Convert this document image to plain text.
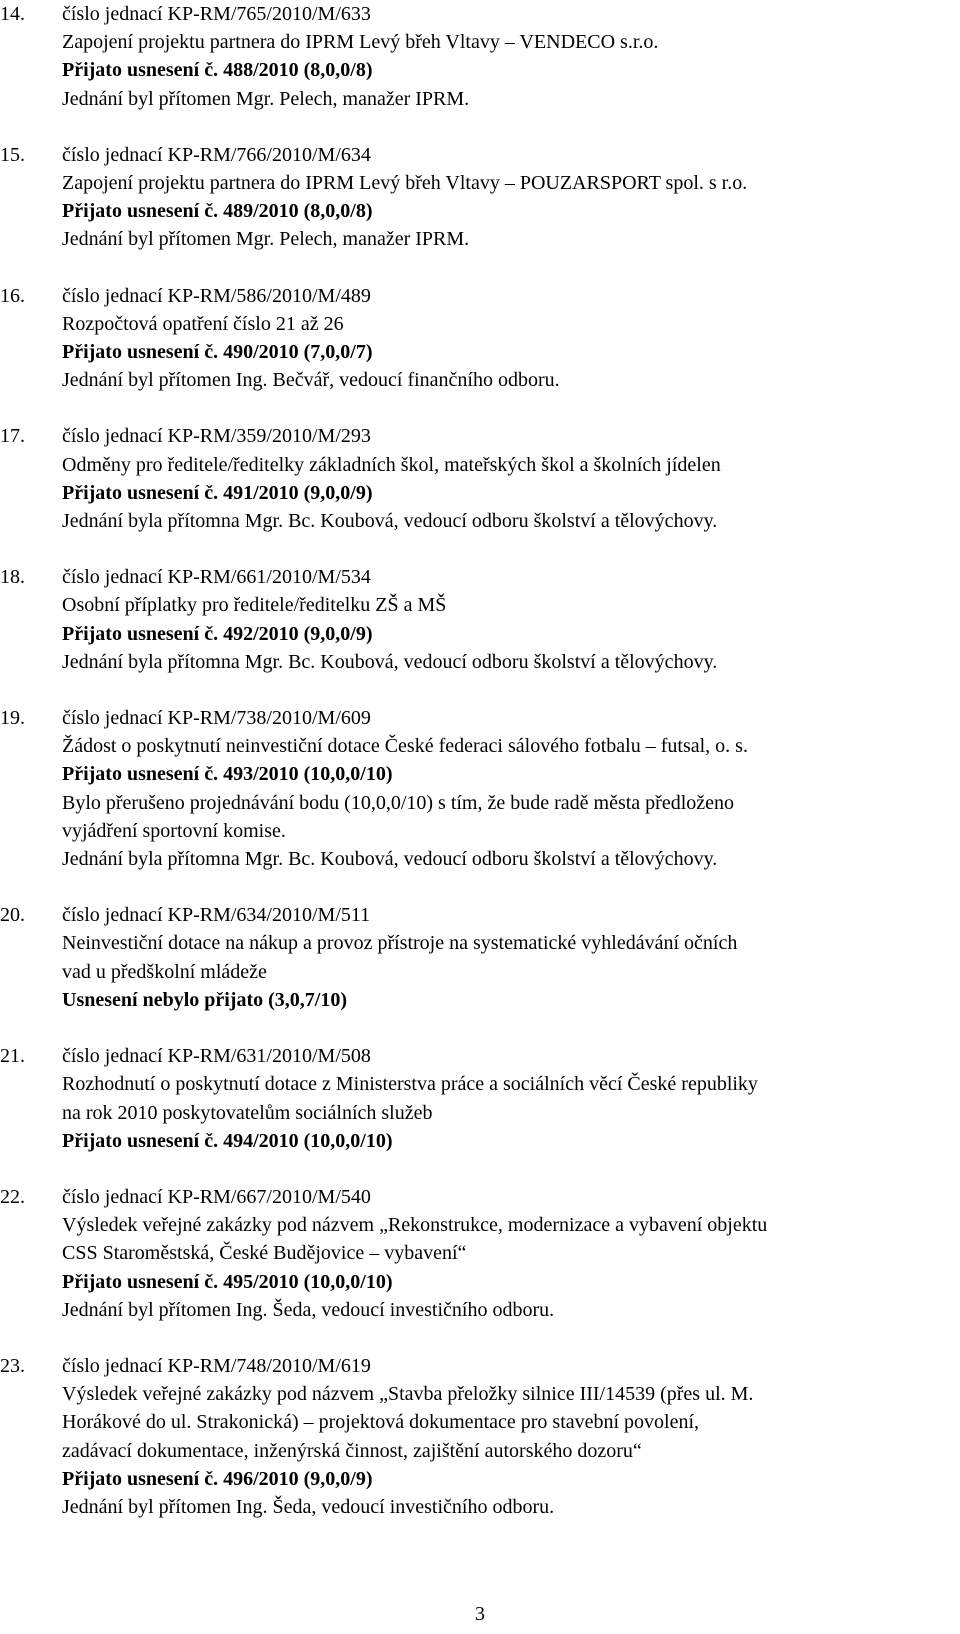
14. číslo jednací KP-RM/765/2010/M/633
Zapojení projektu partnera do IPRM Levý břeh Vltavy – VENDECO s.r.o.
Přijato usnesení č. 488/2010 (8,0,0/8)
Jednání byl přítomen Mgr. Pelech, manažer IPRM.
15. číslo jednací KP-RM/766/2010/M/634
Zapojení projektu partnera do IPRM Levý břeh Vltavy – POUZARSPORT spol. s r.o.
Přijato usnesení č. 489/2010 (8,0,0/8)
Jednání byl přítomen Mgr. Pelech, manažer IPRM.
16. číslo jednací KP-RM/586/2010/M/489
Rozpočtová opatření číslo 21 až 26
Přijato usnesení č. 490/2010 (7,0,0/7)
Jednání byl přítomen Ing. Bečvář, vedoucí finančního odboru.
17. číslo jednací KP-RM/359/2010/M/293
Odměny pro ředitele/ředitelky základních škol, mateřských škol a školních jídelen
Přijato usnesení č. 491/2010 (9,0,0/9)
Jednání byla přítomna Mgr. Bc. Koubová, vedoucí odboru školství a tělovýchovy.
18. číslo jednací KP-RM/661/2010/M/534
Osobní příplatky pro ředitele/ředitelku ZŠ a MŠ
Přijato usnesení č. 492/2010 (9,0,0/9)
Jednání byla přítomna Mgr. Bc. Koubová, vedoucí odboru školství a tělovýchovy.
19. číslo jednací KP-RM/738/2010/M/609
Žádost o poskytnutí neinvestiční dotace České federaci sálového fotbalu – futsal, o. s.
Přijato usnesení č. 493/2010 (10,0,0/10)
Bylo přerušeno projednávání bodu (10,0,0/10) s tím, že bude radě města předloženo
vyjádření sportovní komise.
Jednání byla přítomna Mgr. Bc. Koubová, vedoucí odboru školství a tělovýchovy.
20. číslo jednací KP-RM/634/2010/M/511
Neinvestiční dotace na nákup a provoz přístroje na systematické vyhledávání očních
vad u předškolní mládeže
Usnesení nebylo přijato (3,0,7/10)
21. číslo jednací KP-RM/631/2010/M/508
Rozhodnutí o poskytnutí dotace z Ministerstva práce a sociálních věcí České republiky
na rok 2010 poskytovatelům sociálních služeb
Přijato usnesení č. 494/2010 (10,0,0/10)
22. číslo jednací KP-RM/667/2010/M/540
Výsledek veřejné zakázky pod názvem „Rekonstrukce, modernizace a vybavení objektu
CSS Staroměstská, České Budějovice – vybavení“
Přijato usnesení č. 495/2010 (10,0,0/10)
Jednání byl přítomen Ing. Šeda, vedoucí investičního odboru.
23. číslo jednací KP-RM/748/2010/M/619
Výsledek veřejné zakázky pod názvem „Stavba přeložky silnice III/14539 (přes ul. M.
Horákové do ul. Strakonická) – projektová dokumentace pro stavební povolení,
zadávací dokumentace, inženýrská činnost, zajištění autorského dozoru“
Přijato usnesení č. 496/2010 (9,0,0/9)
Jednání byl přítomen Ing. Šeda, vedoucí investičního odboru.
3
